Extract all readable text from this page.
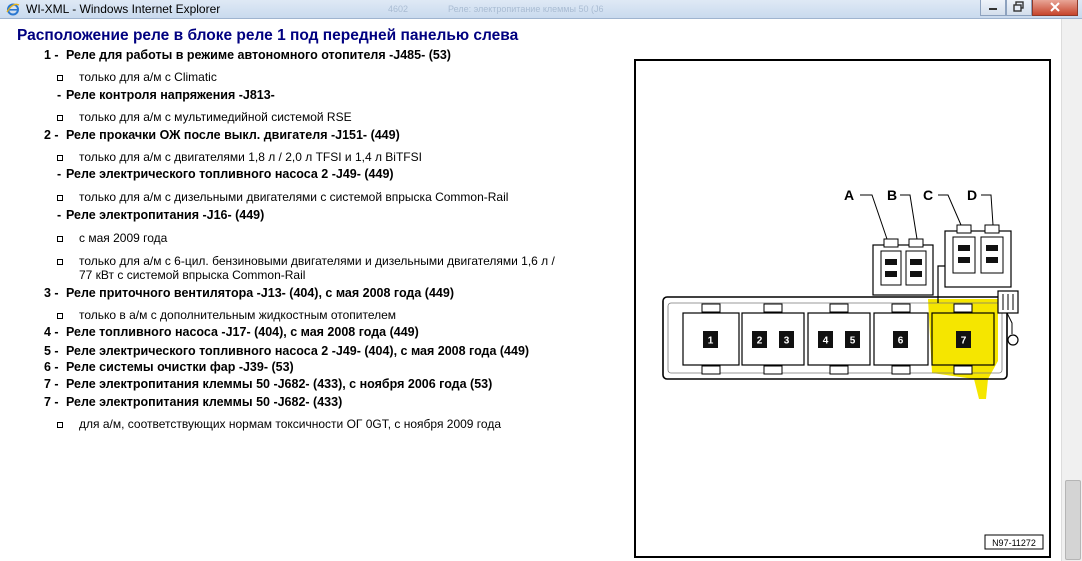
WI-XML - Windows Internet Explorer	4602	Реле: электропитание клеммы 50 (J6
Расположение реле в блоке реле 1 под передней панелью слева
1 - Реле для работы в режиме автономного отопителя -J485- (53)
только для а/м с Climatic
- Реле контроля напряжения -J813-
только для а/м с мультимедийной системой RSE
2 - Реле прокачки ОЖ после выкл. двигателя -J151- (449)
только для а/м с двигателями 1,8 л / 2,0 л TFSI и 1,4 л BiTFSI
- Реле электрического топливного насоса 2 -J49- (449)
только для а/м с дизельными двигателями с системой впрыска Common-Rail
- Реле электропитания -J16- (449)
с мая 2009 года
только для а/м с 6-цил. бензиновыми двигателями и дизельными двигателями 1,6 л /
77 кВт с системой впрыска Common-Rail
3 - Реле приточного вентилятора -J13- (404), с мая 2008 года (449)
только в а/м с дополнительным жидкостным отопителем
4 - Реле топливного насоса -J17- (404), с мая 2008 года (449)
5 - Реле электрического топливного насоса 2 -J49- (404), с мая 2008 года (449)
6 - Реле системы очистки фар -J39- (53)
7 - Реле электропитания клеммы 50 -J682- (433), с ноября 2006 года (53)
7 - Реле электропитания клеммы 50 -J682- (433)
для а/м, соответствующих нормам токсичности ОГ 0GT, с ноября 2009 года
1	2 3	4 5	6	7
A B C D
N97-11272
